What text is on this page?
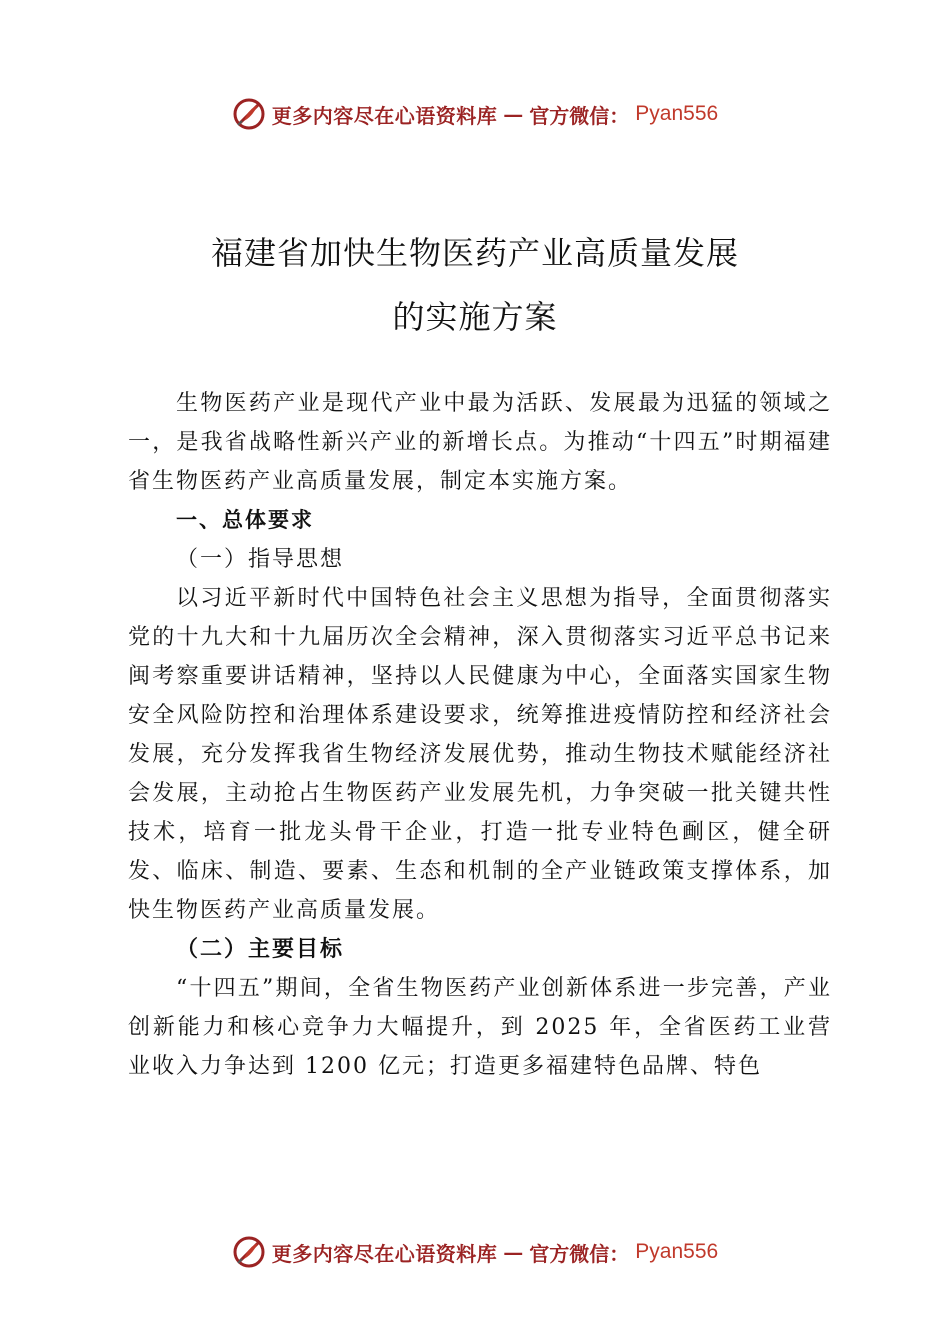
更多内容尽在心语资料库 — 官方微信： Pyan556
福建省加快生物医药产业高质量发展
的实施方案

生物医药产业是现代产业中最为活跃、发展最为迅猛的领域之一，是我省战略性新兴产业的新增长点。为推动“十四五”时期福建省生物医药产业高质量发展，制定本实施方案。

一、总体要求

（一）指导思想

以习近平新时代中国特色社会主义思想为指导，全面贯彻落实党的十九大和十九届历次全会精神，深入贯彻落实习近平总书记来闽考察重要讲话精神，坚持以人民健康为中心，全面落实国家生物安全风险防控和治理体系建设要求，统筹推进疫情防控和经济社会发展，充分发挥我省生物经济发展优势，推动生物技术赋能经济社会发展，主动抢占生物医药产业发展先机，力争突破一批关键共性技术，培育一批龙头骨干企业，打造一批专业特色㓰区，健全研发、临床、制造、要素、生态和机制的全产业链政策支撑体系，加快生物医药产业高质量发展。

（二）主要目标

“十四五”期间，全省生物医药产业创新体系进一步完善，产业创新能力和核心竞争力大幅提升，到 2025 年，全省医药工业营业收入力争达到 1200 亿元；打造更多福建特色品牌、特色

更多内容尽在心语资料库 — 官方微信： Pyan556
